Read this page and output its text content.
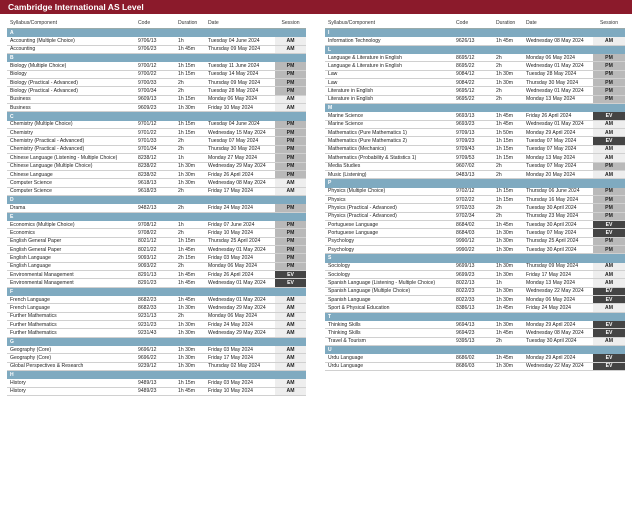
Cambridge International AS Level
Syllabus/Component	Code	Duration	Date	Session
A
Accounting (Multiple Choice)	9706/13	1h	Tuesday 04 June 2024	AM
Accounting	9706/23	1h 45m	Thursday 09 May 2024	AM
B
Biology (Multiple Choice)	9700/12	1h 15m	Tuesday 11 June 2024	PM
Biology	9700/22	1h 15m	Tuesday 14 May 2024	PM
Biology (Practical - Advanced)	9700/33	2h	Thursday 09 May 2024	PM
Biology (Practical - Advanced)	9700/34	2h	Tuesday 28 May 2024	PM
Business	9609/13	1h 15m	Monday 06 May 2024	AM
Business	9609/23	1h 30m	Friday 10 May 2024	AM
C
Chemistry (Multiple Choice)	9701/12	1h 15m	Tuesday 04 June 2024	PM
Chemistry	9701/22	1h 15m	Wednesday 15 May 2024	PM
Chemistry (Practical - Advanced)	9701/33	2h	Tuesday 07 May 2024	PM
Chemistry (Practical - Advanced)	9701/34	2h	Thursday 30 May 2024	PM
Chinese Language (Listening - Multiple Choice)	8238/12	1h	Monday 27 May 2024	PM
Chinese Language (Multiple Choice)	8238/22	1h 30m	Wednesday 29 May 2024	PM
Chinese Language	8238/32	1h 30m	Friday 26 April 2024	PM
Computer Science	9618/13	1h 30m	Wednesday 08 May 2024	AM
Computer Science	9618/23	2h	Friday 17 May 2024	AM
D
Drama	9482/13	2h	Friday 24 May 2024	PM
E
Economics (Multiple Choice)	9708/12	1h	Friday 07 June 2024	PM
Economics	9708/22	2h	Friday 10 May 2024	PM
English General Paper	8021/12	1h 15m	Thursday 25 April 2024	PM
English General Paper	8021/22	1h 45m	Wednesday 01 May 2024	PM
English Language	9093/12	2h 15m	Friday 03 May 2024	PM
English Language	9093/22	2h	Monday 06 May 2024	PM
Environmental Management	8291/13	1h 45m	Friday 26 April 2024	EV
Environmental Management	8291/23	1h 45m	Wednesday 01 May 2024	EV
F
French Language	8682/23	1h 45m	Wednesday 01 May 2024	AM
French Language	8682/33	1h 30m	Wednesday 29 May 2024	AM
Further Mathematics	9231/13	2h	Monday 06 May 2024	AM
Further Mathematics	9231/23	1h 30m	Friday 24 May 2024	AM
Further Mathematics	9231/43	1h 30m	Wednesday 29 May 2024	AM
G
Geography (Core)	9696/12	1h 30m	Friday 03 May 2024	AM
Geography (Core)	9696/22	1h 30m	Friday 17 May 2024	AM
Global Perspectives & Research	9239/12	1h 30m	Thursday 02 May 2024	AM
H
History	9489/13	1h 15m	Friday 03 May 2024	AM
History	9489/23	1h 45m	Friday 10 May 2024	AM
Syllabus/Component	Code	Duration	Date	Session
I
Information Technology	9626/13	1h 45m	Wednesday 08 May 2024	AM
L
Language & Literature in English	8695/12	2h	Monday 06 May 2024	PM
Language & Literature in English	8695/22	2h	Wednesday 01 May 2024	PM
Law	9084/12	1h 30m	Tuesday 28 May 2024	PM
Law	9084/22	1h 30m	Thursday 30 May 2024	PM
Literature in English	9695/12	2h	Wednesday 01 May 2024	PM
Literature in English	9695/22	2h	Monday 13 May 2024	PM
M
Marine Science	9693/13	1h 45m	Friday 26 April 2024	EV
Marine Science	9693/23	1h 45m	Wednesday 01 May 2024	AM
Mathematics (Pure Mathematics 1)	9709/13	1h 50m	Monday 29 April 2024	AM
Mathematics (Pure Mathematics 2)	9709/23	1h 15m	Tuesday 07 May 2024	EV
Mathematics (Mechanics)	9709/43	1h 15m	Tuesday 07 May 2024	AM
Mathematics (Probability & Statistics 1)	9709/53	1h 15m	Monday 13 May 2024	AM
Media Studies	9607/02	2h	Tuesday 07 May 2024	PM
Music (Listening)	9483/13	2h	Monday 20 May 2024	AM
P
Physics (Multiple Choice)	9702/12	1h 15m	Thursday 06 June 2024	PM
Physics	9702/22	1h 15m	Thursday 16 May 2024	PM
Physics (Practical - Advanced)	9702/33	2h	Tuesday 30 April 2024	PM
Physics (Practical - Advanced)	9702/34	2h	Thursday 23 May 2024	PM
Portuguese Language	8684/02	1h 45m	Tuesday 30 April 2024	EV
Portuguese Language	8684/03	1h 30m	Tuesday 07 May 2024	EV
Psychology	9990/12	1h 30m	Thursday 25 April 2024	PM
Psychology	9990/22	1h 30m	Tuesday 30 April 2024	PM
S
Sociology	9699/13	1h 30m	Thursday 09 May 2024	AM
Sociology	9699/23	1h 30m	Friday 17 May 2024	AM
Spanish Language (Listening - Multiple Choice)	8022/13	1h	Monday 13 May 2024	AM
Spanish Language (Multiple Choice)	8022/23	1h 30m	Wednesday 22 May 2024	EV
Spanish Language	8022/33	1h 30m	Monday 06 May 2024	EV
Sport & Physical Education	8386/13	1h 45m	Friday 24 May 2024	AM
T
Thinking Skills	9694/13	1h 30m	Monday 29 April 2024	EV
Thinking Skills	9694/23	1h 45m	Wednesday 08 May 2024	EV
Travel & Tourism	9395/13	2h	Tuesday 30 April 2024	AM
U
Urdu Language	8686/02	1h 45m	Monday 29 April 2024	EV
Urdu Language	8686/03	1h 30m	Wednesday 22 May 2024	EV
